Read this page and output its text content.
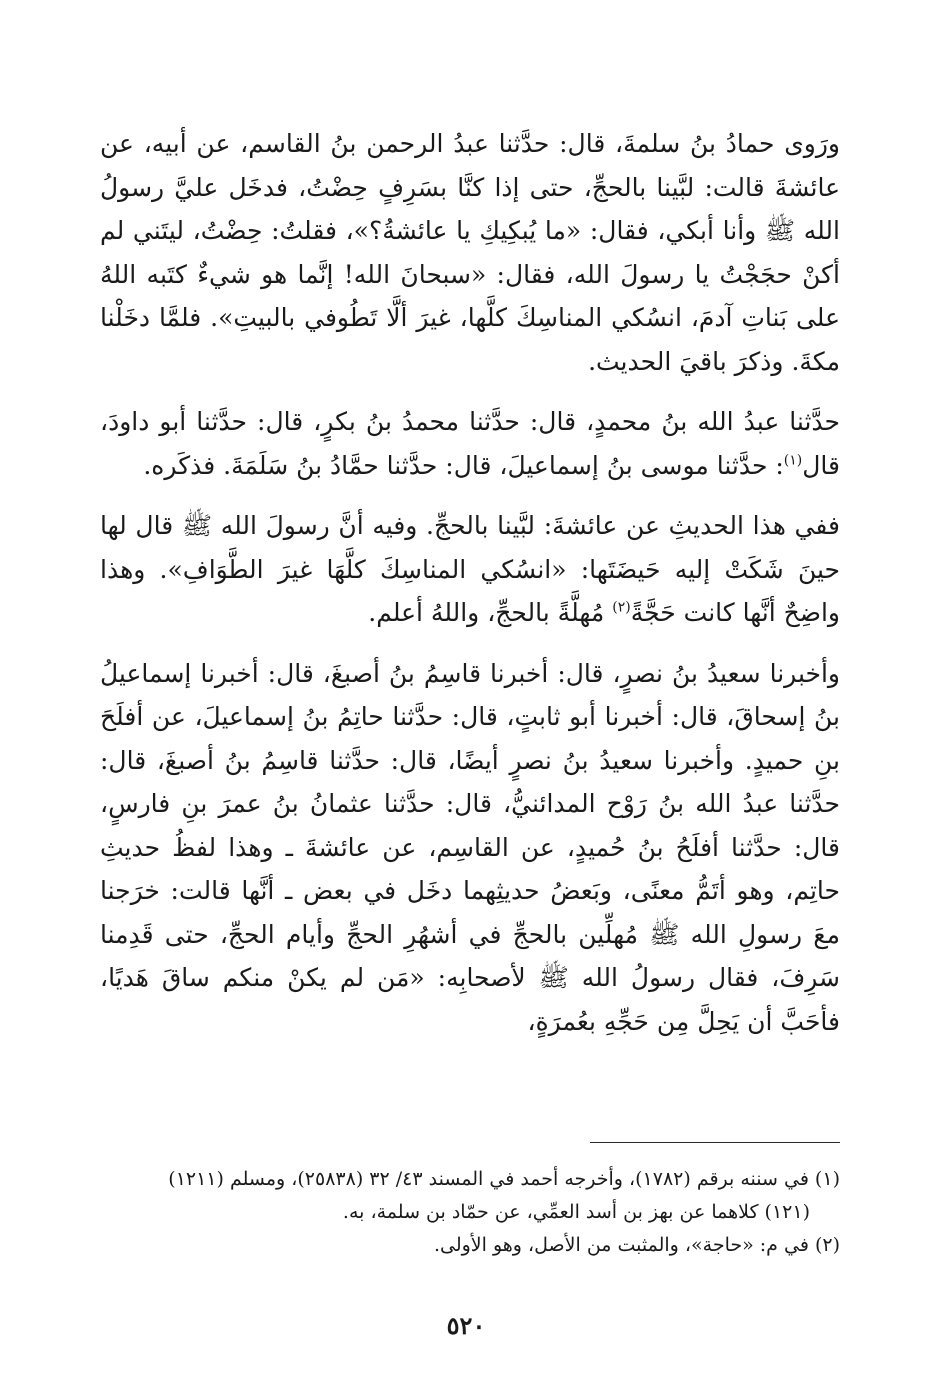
ورَوى حمادُ بنُ سلمةَ، قال: حدَّثنا عبدُ الرحمن بنُ القاسم، عن أبيه، عن عائشةَ قالت: لبَّينا بالحجِّ، حتى إذا كنَّا بسَرِفٍ حِضْتُ، فدخَل عليَّ رسولُ الله ﷺ وأنا أبكي، فقال: «ما يُبكِيكِ يا عائشةُ؟»، فقلتُ: حِضْتُ، ليتَني لم أكنْ حجَجْتُ يا رسولَ الله، فقال: «سبحانَ الله! إنَّما هو شيءٌ كتَبه اللهُ على بَناتِ آدمَ، انسُكي المناسِكَ كلَّها، غيرَ ألَّا تَطُوفي بالبيتِ». فلمَّا دخَلْنا مكةَ. وذكرَ باقيَ الحديث.

حدَّثنا عبدُ الله بنُ محمدٍ، قال: حدَّثنا محمدُ بنُ بكرٍ، قال: حدَّثنا أبو داودَ، قال$^{(١)}$: حدَّثنا موسى بنُ إسماعيلَ، قال: حدَّثنا حمَّادُ بنُ سَلَمَةَ. فذكَره.

ففي هذا الحديثِ عن عائشةَ: لبَّينا بالحجِّ. وفيه أنَّ رسولَ الله ﷺ قال لها حينَ شَكَتْ إليه حَيضَتَها: «انسُكي المناسِكَ كلَّهَا غيرَ الطَّوَافِ». وهذا واضِحٌ أنَّها كانت حَجَّةً$^{(٢)}$ مُهلَّةً بالحجِّ، واللهُ أعلم.

وأخبرنا سعيدُ بنُ نصرٍ، قال: أخبرنا قاسِمُ بنُ أصبغَ، قال: أخبرنا إسماعيلُ بنُ إسحاقَ، قال: أخبرنا أبو ثابتٍ، قال: حدَّثنا حاتِمُ بنُ إسماعيلَ، عن أفلَحَ بنِ حميدٍ. وأخبرنا سعيدُ بنُ نصرٍ أيضًا، قال: حدَّثنا قاسِمُ بنُ أصبغَ، قال: حدَّثنا عبدُ الله بنُ رَوْح المدائنيُّ، قال: حدَّثنا عثمانُ بنُ عمرَ بنِ فارسٍ، قال: حدَّثنا أفلَحُ بنُ حُميدٍ، عن القاسِم، عن عائشةَ ـ وهذا لفظُ حديثِ حاتِم، وهو أتَمُّ معنًى، وبَعضُ حديثِهما دخَل في بعض ـ أنَّها قالت: خرَجنا معَ رسولِ الله ﷺ مُهلِّين بالحجِّ في أشهُرِ الحجِّ وأيام الحجِّ، حتى قَدِمنا سَرِفَ، فقال رسولُ الله ﷺ لأصحابِه: «مَن لم يكنْ منكم ساقَ هَديًا، فأحَبَّ أن يَحِلَّ مِن حَجِّهِ بعُمرَةٍ،

(١) في سننه برقم (١٧٨٢)، وأخرجه أحمد في المسند ٤٣/ ٣٢ (٢٥٨٣٨)، ومسلم (١٢١١)

(١٢١) كلاهما عن بهز بن أسد العمِّي، عن حمّاد بن سلمة، به.

(٢) في م: «حاجة»، والمثبت من الأصل، وهو الأولى.

٥٢٠
